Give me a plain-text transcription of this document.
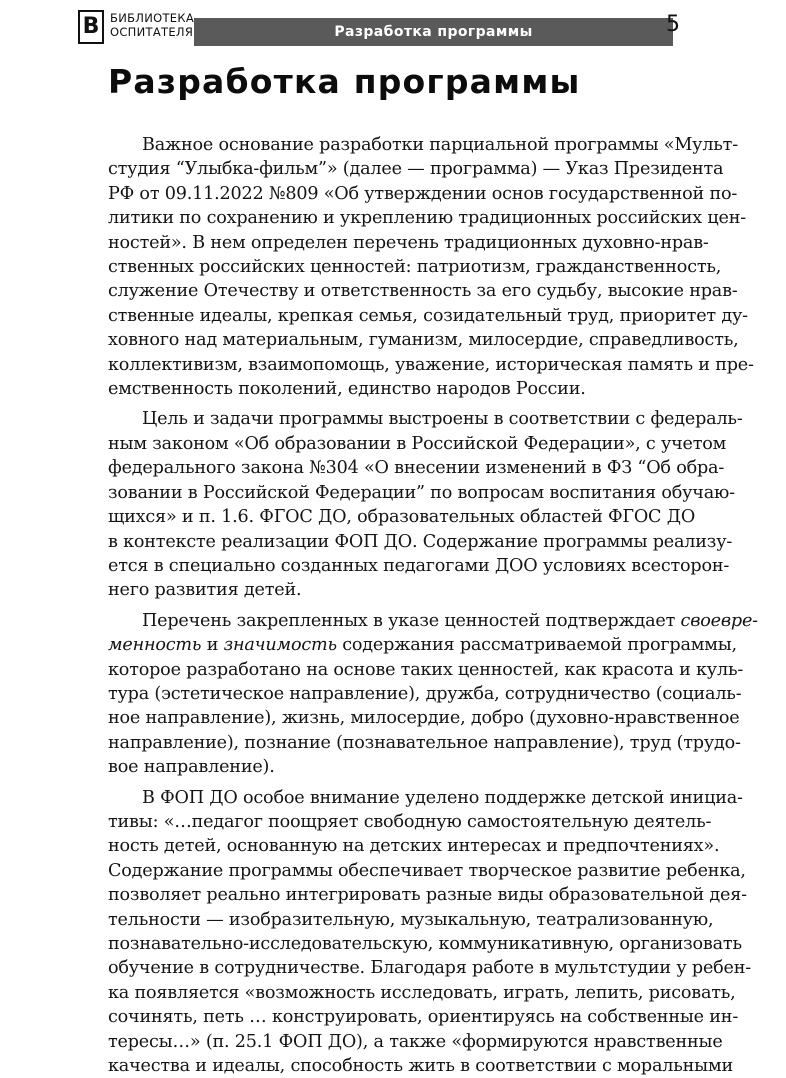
В БИБЛИОТЕКА
ОСПИТАТЕЛЯ	Разработка программы	5
Разработка программы
Важное основание разработки парциальной программы «Мульт-
студия “Улыбка-фильм”» (далее — программа) — Указ Президента
РФ от 09.11.2022 №809 «Об утверждении основ государственной по-
литики по сохранению и укреплению традиционных российских цен-
ностей». В нем определен перечень традиционных духовно-нрав-
ственных российских ценностей: патриотизм, гражданственность,
служение Отечеству и ответственность за его судьбу, высокие нрав-
ственные идеалы, крепкая семья, созидательный труд, приоритет ду-
ховного над материальным, гуманизм, милосердие, справедливость,
коллективизм, взаимопомощь, уважение, историческая память и пре-
емственность поколений, единство народов России.
Цель и задачи программы выстроены в соответствии с федераль-
ным законом «Об образовании в Российской Федерации», с учетом
федерального закона №304 «О внесении изменений в ФЗ “Об обра-
зовании в Российской Федерации” по вопросам воспитания обучаю-
щихся» и п. 1.6. ФГОС ДО, образовательных областей ФГОС ДО
в контексте реализации ФОП ДО. Содержание программы реализу-
ется в специально созданных педагогами ДОО условиях всесторон-
него развития детей.
Перечень закрепленных в указе ценностей подтверждает своевре-
менность и значимость содержания рассматриваемой программы,
которое разработано на основе таких ценностей, как красота и куль-
тура (эстетическое направление), дружба, сотрудничество (социаль-
ное направление), жизнь, милосердие, добро (духовно-нравственное
направление), познание (познавательное направление), труд (трудо-
вое направление).
В ФОП ДО особое внимание уделено поддержке детской инициа-
тивы: «…педагог поощряет свободную самостоятельную деятель-
ность детей, основанную на детских интересах и предпочтениях».
Содержание программы обеспечивает творческое развитие ребенка,
позволяет реально интегрировать разные виды образовательной дея-
тельности — изобразительную, музыкальную, театрализованную,
познавательно-исследовательскую, коммуникативную, организовать
обучение в сотрудничестве. Благодаря работе в мультстудии у ребен-
ка появляется «возможность исследовать, играть, лепить, рисовать,
сочинять, петь … конструировать, ориентируясь на собственные ин-
тересы…» (п. 25.1 ФОП ДО), а также «формируются нравственные
качества и идеалы, способность жить в соответствии с моральными
